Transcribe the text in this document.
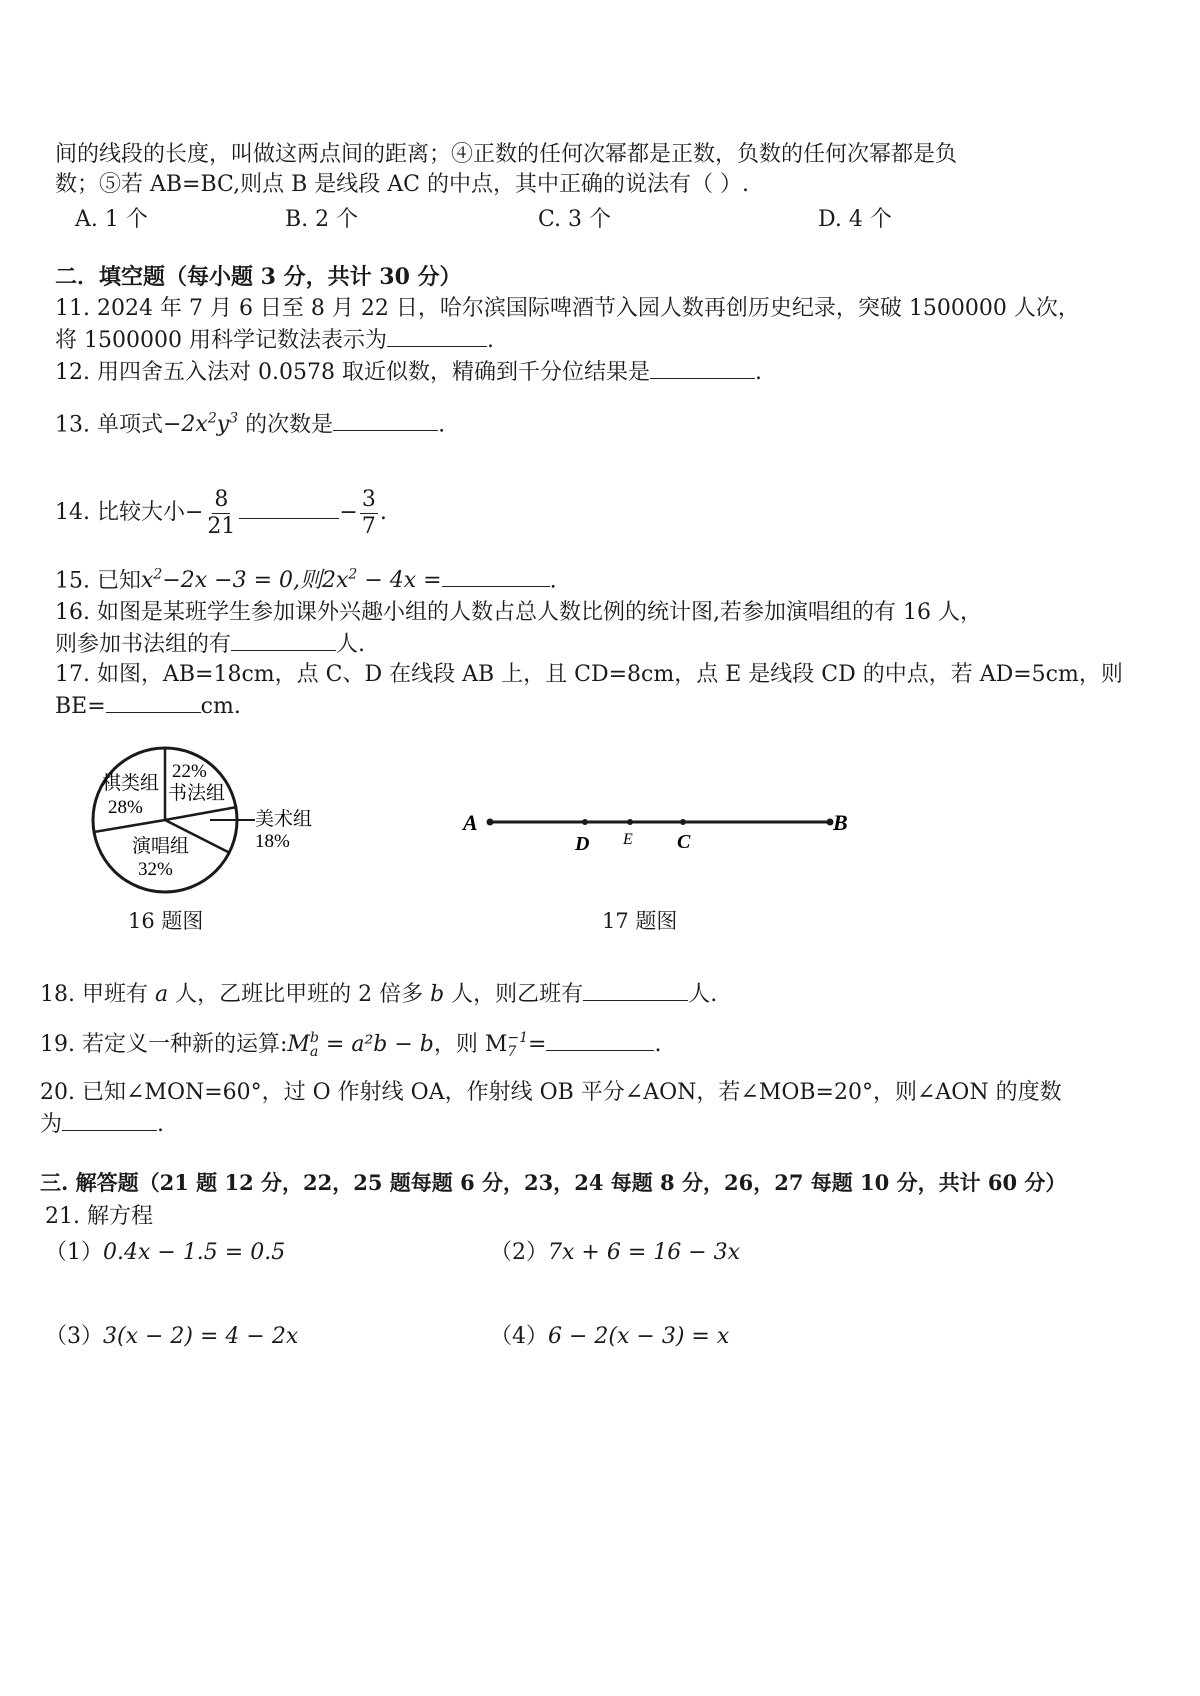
间的线段的长度，叫做这两点间的距离；④正数的任何次幂都是正数，负数的任何次幂都是负
数；⑤若 AB=BC,则点 B 是线段 AC 的中点，其中正确的说法有（ ）.
A. 1 个	B. 2 个	C. 3 个	D. 4 个
二．填空题（每小题 3 分，共计 30 分）
11. 2024 年 7 月 6 日至 8 月 22 日，哈尔滨国际啤酒节入园人数再创历史纪录，突破 1500000 人次，
将 1500000 用科学记数法表示为	.
12. 用四舍五入法对 0.0578 取近似数，精确到千分位结果是	.
13. 单项式$-2x^2y^3$ 的次数是	.
14. 比较大小− $\frac{8}{21}$	− $\frac{3}{7}$ .
15. 已知$x^2-2x -3 = 0$,则$2x^2 - 4x$ =	.
16. 如图是某班学生参加课外兴趣小组的人数占总人数比例的统计图,若参加演唱组的有 16 人，
则参加书法组的有	人.
17. 如图，AB=18cm，点 C、D 在线段 AB 上，且 CD=8cm，点 E 是线段 CD 的中点，若 AD=5cm，则
BE=	cm.
棋类组
28%
22%
书法组
美术组
18%
演唱组
32%
16 题图
A
D E C
B
17 题图
18. 甲班有 a 人，乙班比甲班的 2 倍多 b 人，则乙班有	人.
19. 若定义一种新的运算:M b
a = a²b − b，则 M −1
7 =	.
20. 已知∠MON=60°，过 O 作射线 OA，作射线 OB 平分∠AON，若∠MOB=20°，则∠AON 的度数
为	.
三. 解答题（21 题 12 分，22，25 题每题 6 分，23，24 每题 8 分，26，27 每题 10 分，共计 60 分）
21. 解方程
（1）0.4x − 1.5 = 0.5	（2）7x + 6 = 16 − 3x
（3）3(x − 2) = 4 − 2x	（4）6 − 2(x − 3) = x
